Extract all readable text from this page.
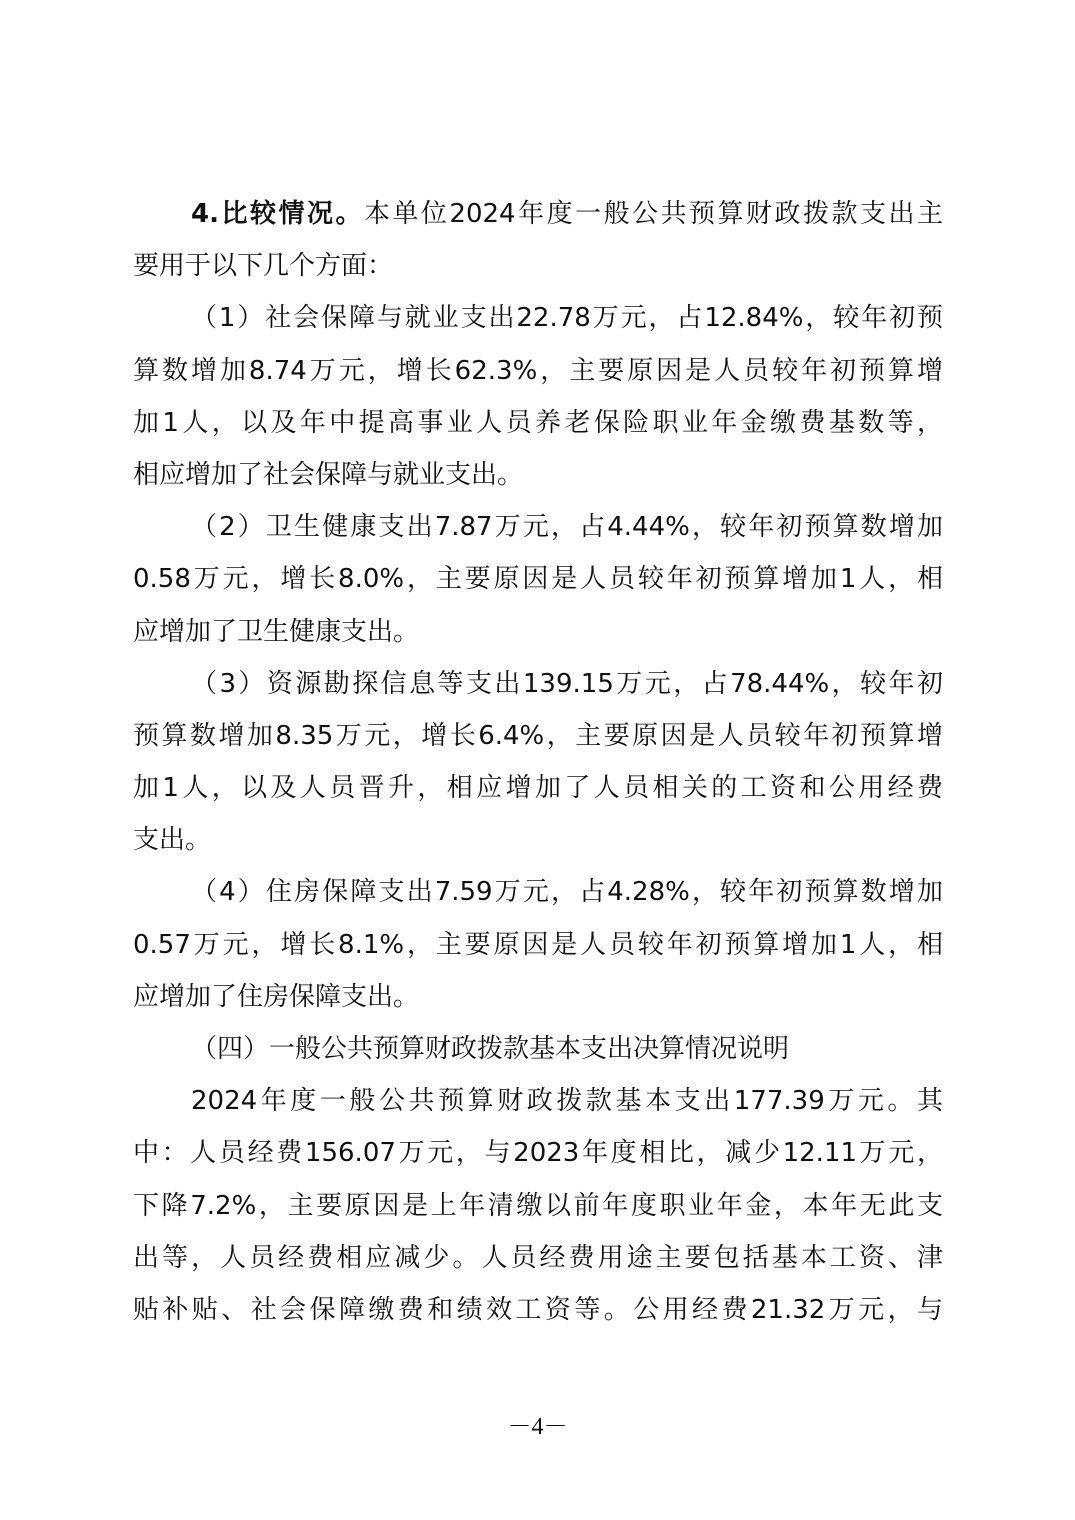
4.比较情况。本单位2024年度一般公共预算财政拨款支出主
要用于以下几个方面：
（1）社会保障与就业支出22.78万元，占12.84%，较年初预
算数增加8.74万元，增长62.3%，主要原因是人员较年初预算增
加1人，以及年中提高事业人员养老保险职业年金缴费基数等，
相应增加了社会保障与就业支出。
（2）卫生健康支出7.87万元，占4.44%，较年初预算数增加
0.58万元，增长8.0%，主要原因是人员较年初预算增加1人，相
应增加了卫生健康支出。
（3）资源勘探信息等支出139.15万元，占78.44%，较年初
预算数增加8.35万元，增长6.4%，主要原因是人员较年初预算增
加1人，以及人员晋升，相应增加了人员相关的工资和公用经费
支出。
（4）住房保障支出7.59万元，占4.28%，较年初预算数增加
0.57万元，增长8.1%，主要原因是人员较年初预算增加1人，相
应增加了住房保障支出。
（四）一般公共预算财政拨款基本支出决算情况说明
2024年度一般公共预算财政拨款基本支出177.39万元。其
中：人员经费156.07万元，与2023年度相比，减少12.11万元，
下降7.2%，主要原因是上年清缴以前年度职业年金，本年无此支
出等，人员经费相应减少。人员经费用途主要包括基本工资、津
贴补贴、社会保障缴费和绩效工资等。公用经费21.32万元，与
－4－
